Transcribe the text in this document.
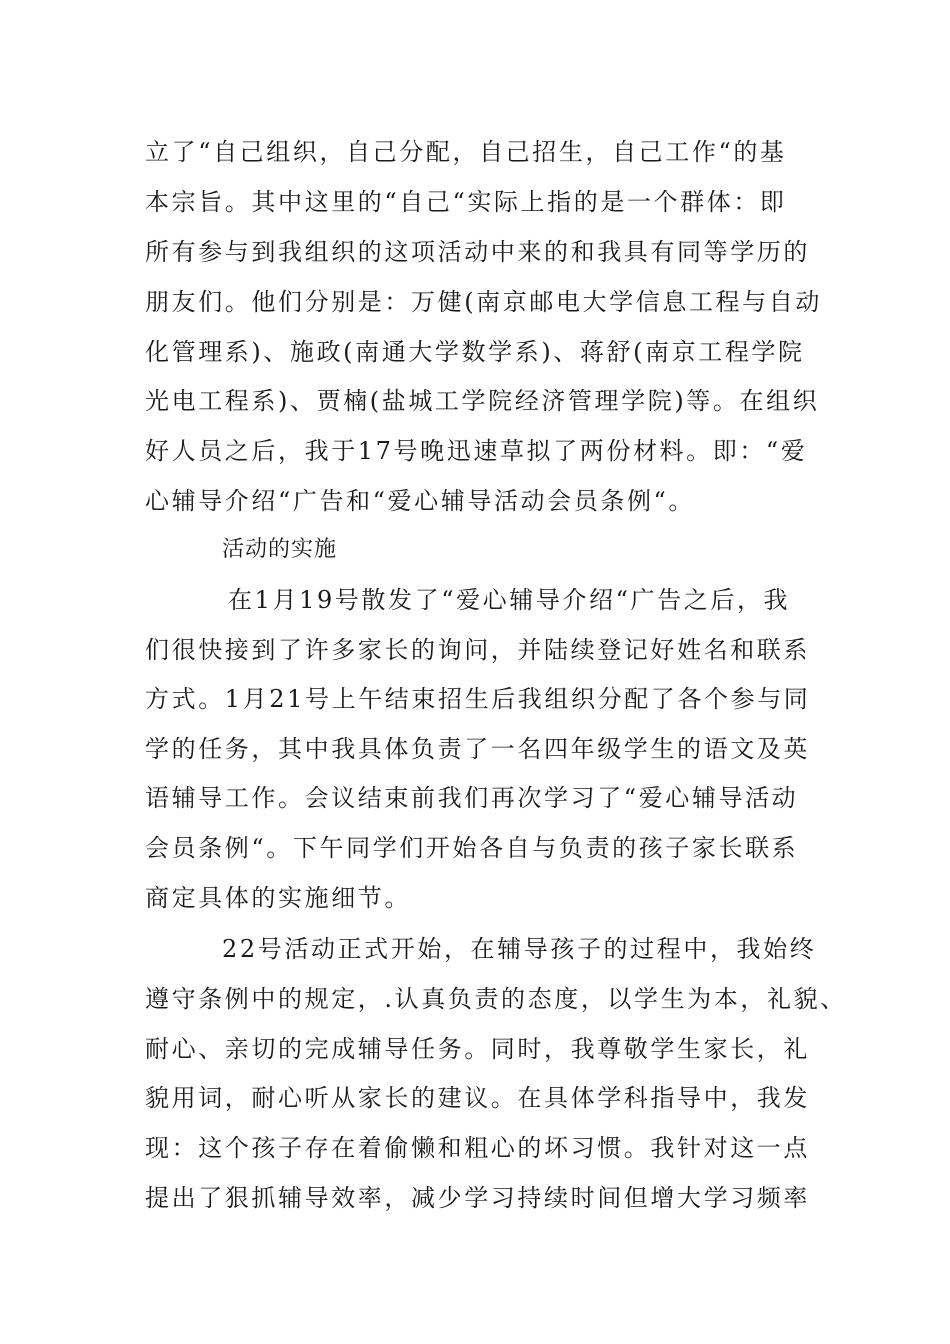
立了“自己组织，自己分配，自己招生，自己工作“的基
本宗旨。其中这里的“自己“实际上指的是一个群体：即
所有参与到我组织的这项活动中来的和我具有同等学历的
朋友们。他们分别是：万健(南京邮电大学信息工程与自动
化管理系)、施政(南通大学数学系)、蒋舒(南京工程学院
光电工程系)、贾楠(盐城工学院经济管理学院)等。在组织
好人员之后，我于17号晚迅速草拟了两份材料。即：“爱
心辅导介绍“广告和“爱心辅导活动会员条例“。
活动的实施
在1月19号散发了“爱心辅导介绍“广告之后，我
们很快接到了许多家长的询问，并陆续登记好姓名和联系
方式。1月21号上午结束招生后我组织分配了各个参与同
学的任务，其中我具体负责了一名四年级学生的语文及英
语辅导工作。会议结束前我们再次学习了“爱心辅导活动
会员条例“。下午同学们开始各自与负责的孩子家长联系
商定具体的实施细节。
22号活动正式开始，在辅导孩子的过程中，我始终
遵守条例中的规定，.认真负责的态度，以学生为本，礼貌、
耐心、亲切的完成辅导任务。同时，我尊敬学生家长，礼
貌用词，耐心听从家长的建议。在具体学科指导中，我发
现：这个孩子存在着偷懒和粗心的坏习惯。我针对这一点
提出了狠抓辅导效率，减少学习持续时间但增大学习频率
